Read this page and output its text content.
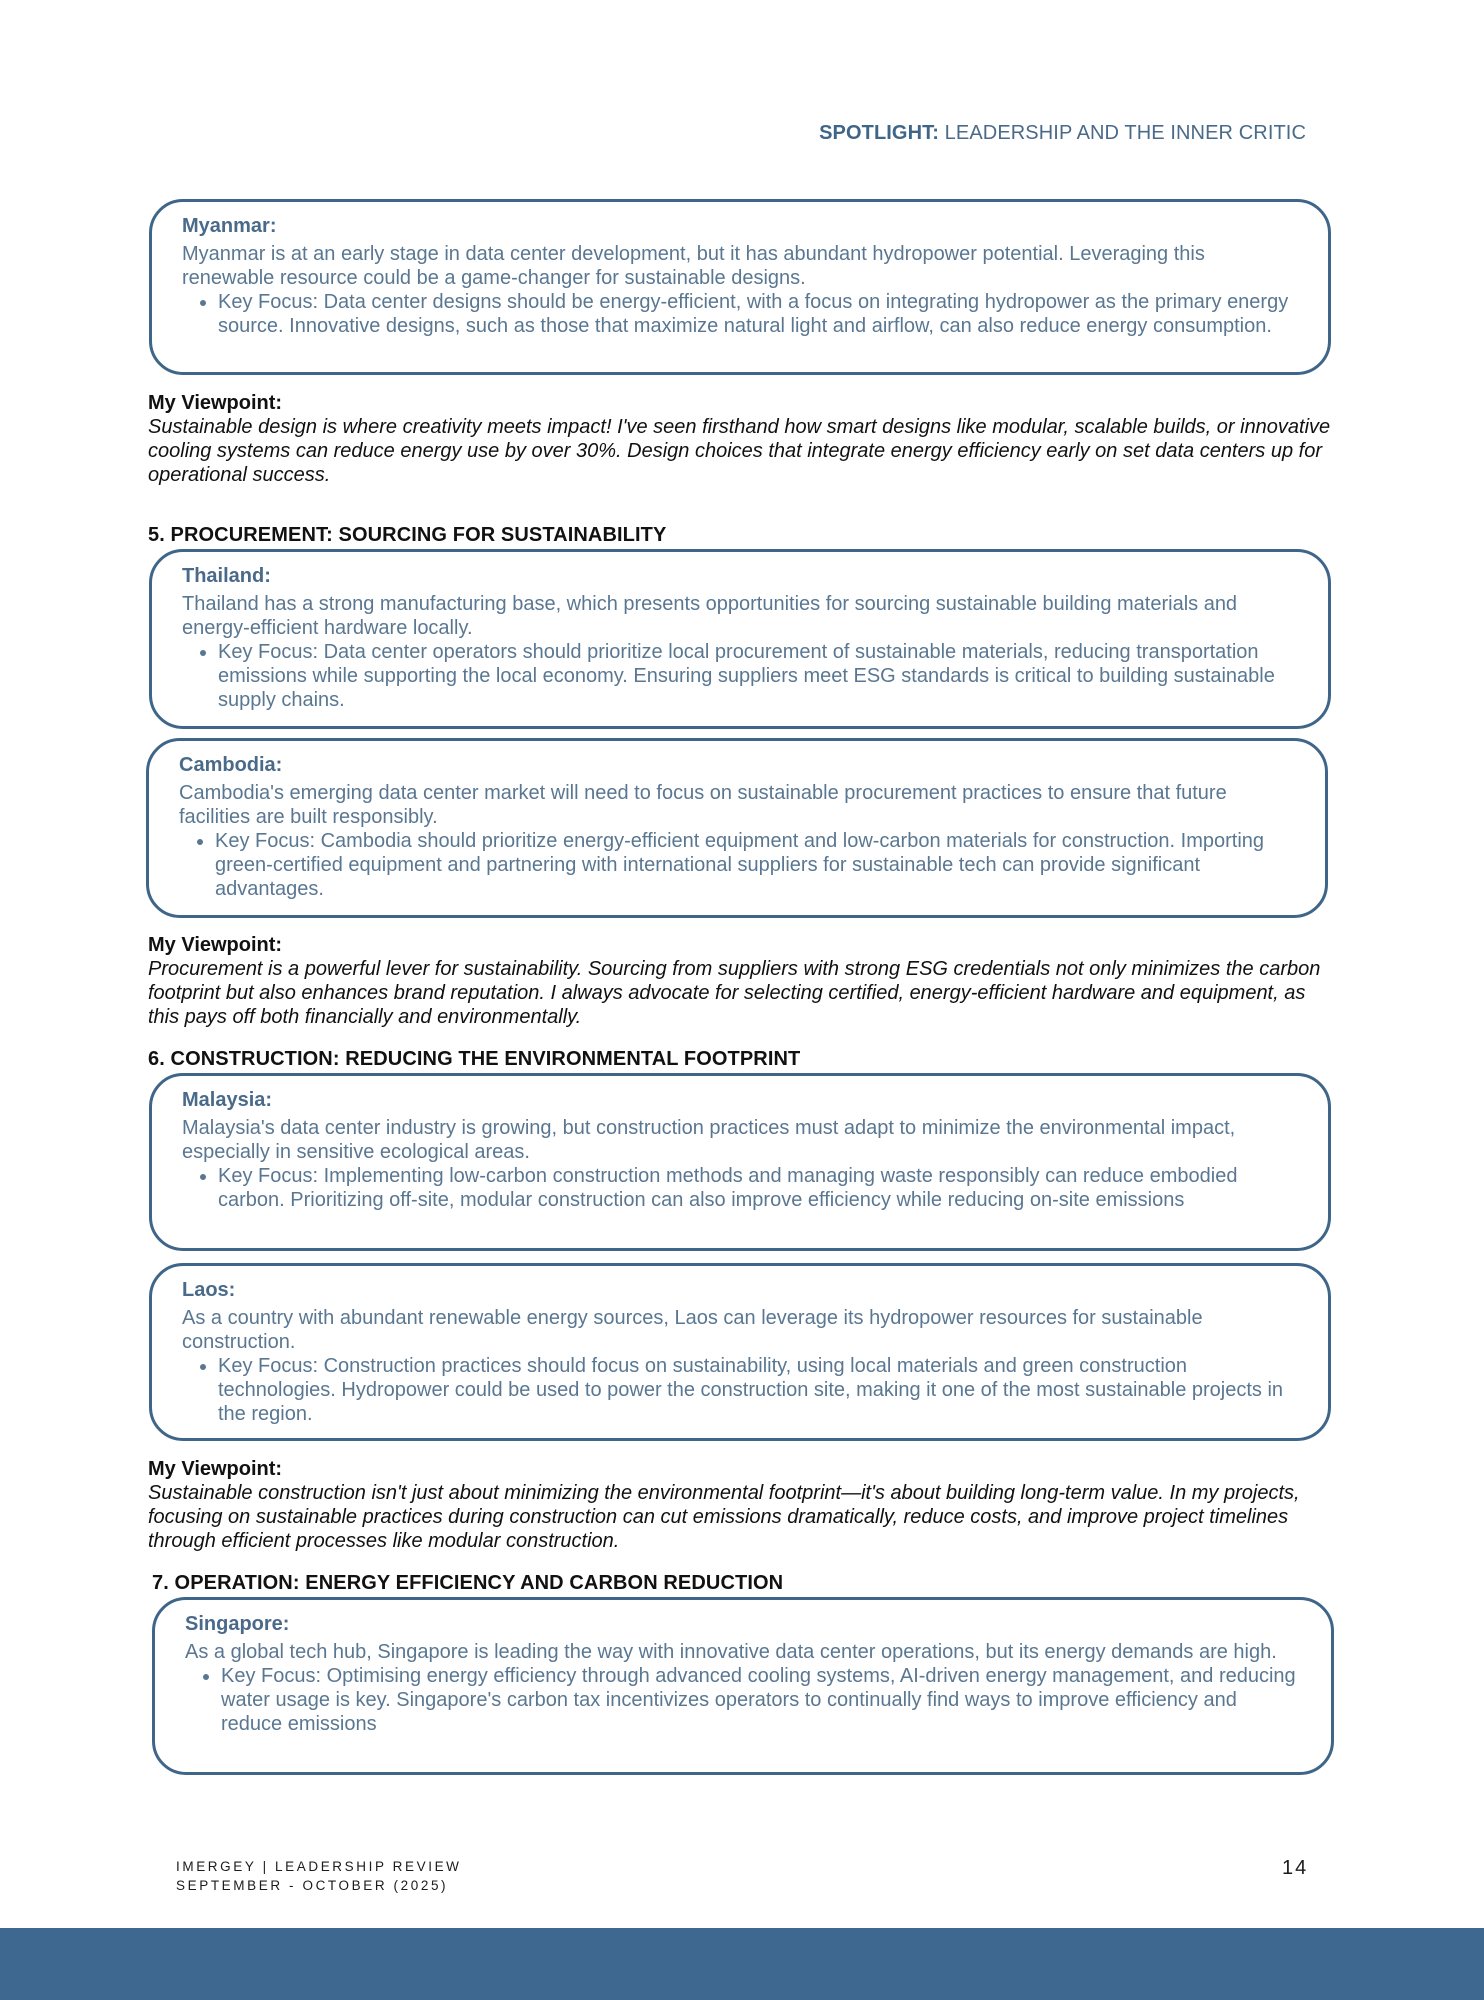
SPOTLIGHT: LEADERSHIP AND THE INNER CRITIC
Myanmar:

Myanmar is at an early stage in data center development, but it has abundant hydropower potential. Leveraging this renewable resource could be a game-changer for sustainable designs.

• Key Focus: Data center designs should be energy-efficient, with a focus on integrating hydropower as the primary energy source. Innovative designs, such as those that maximize natural light and airflow, can also reduce energy consumption.
My Viewpoint:
Sustainable design is where creativity meets impact! I've seen firsthand how smart designs like modular, scalable builds, or innovative cooling systems can reduce energy use by over 30%. Design choices that integrate energy efficiency early on set data centers up for operational success.
5. PROCUREMENT: SOURCING FOR SUSTAINABILITY
Thailand:

Thailand has a strong manufacturing base, which presents opportunities for sourcing sustainable building materials and energy-efficient hardware locally.

• Key Focus: Data center operators should prioritize local procurement of sustainable materials, reducing transportation emissions while supporting the local economy. Ensuring suppliers meet ESG standards is critical to building sustainable supply chains.
Cambodia:

Cambodia's emerging data center market will need to focus on sustainable procurement practices to ensure that future facilities are built responsibly.

• Key Focus: Cambodia should prioritize energy-efficient equipment and low-carbon materials for construction. Importing green-certified equipment and partnering with international suppliers for sustainable tech can provide significant advantages.
My Viewpoint:
Procurement is a powerful lever for sustainability. Sourcing from suppliers with strong ESG credentials not only minimizes the carbon footprint but also enhances brand reputation. I always advocate for selecting certified, energy-efficient hardware and equipment, as this pays off both financially and environmentally.
6. CONSTRUCTION: REDUCING THE ENVIRONMENTAL FOOTPRINT
Malaysia:

Malaysia's data center industry is growing, but construction practices must adapt to minimize the environmental impact, especially in sensitive ecological areas.

• Key Focus: Implementing low-carbon construction methods and managing waste responsibly can reduce embodied carbon. Prioritizing off-site, modular construction can also improve efficiency while reducing on-site emissions
Laos:

As a country with abundant renewable energy sources, Laos can leverage its hydropower resources for sustainable construction.

• Key Focus: Construction practices should focus on sustainability, using local materials and green construction technologies. Hydropower could be used to power the construction site, making it one of the most sustainable projects in the region.
My Viewpoint:
Sustainable construction isn't just about minimizing the environmental footprint—it's about building long-term value. In my projects, focusing on sustainable practices during construction can cut emissions dramatically, reduce costs, and improve project timelines through efficient processes like modular construction.
7. OPERATION: ENERGY EFFICIENCY AND CARBON REDUCTION
Singapore:

As a global tech hub, Singapore is leading the way with innovative data center operations, but its energy demands are high.

• Key Focus: Optimising energy efficiency through advanced cooling systems, AI-driven energy management, and reducing water usage is key. Singapore's carbon tax incentivizes operators to continually find ways to improve efficiency and reduce emissions
IMERGEY | LEADERSHIP REVIEW
SEPTEMBER - OCTOBER (2025)
14
